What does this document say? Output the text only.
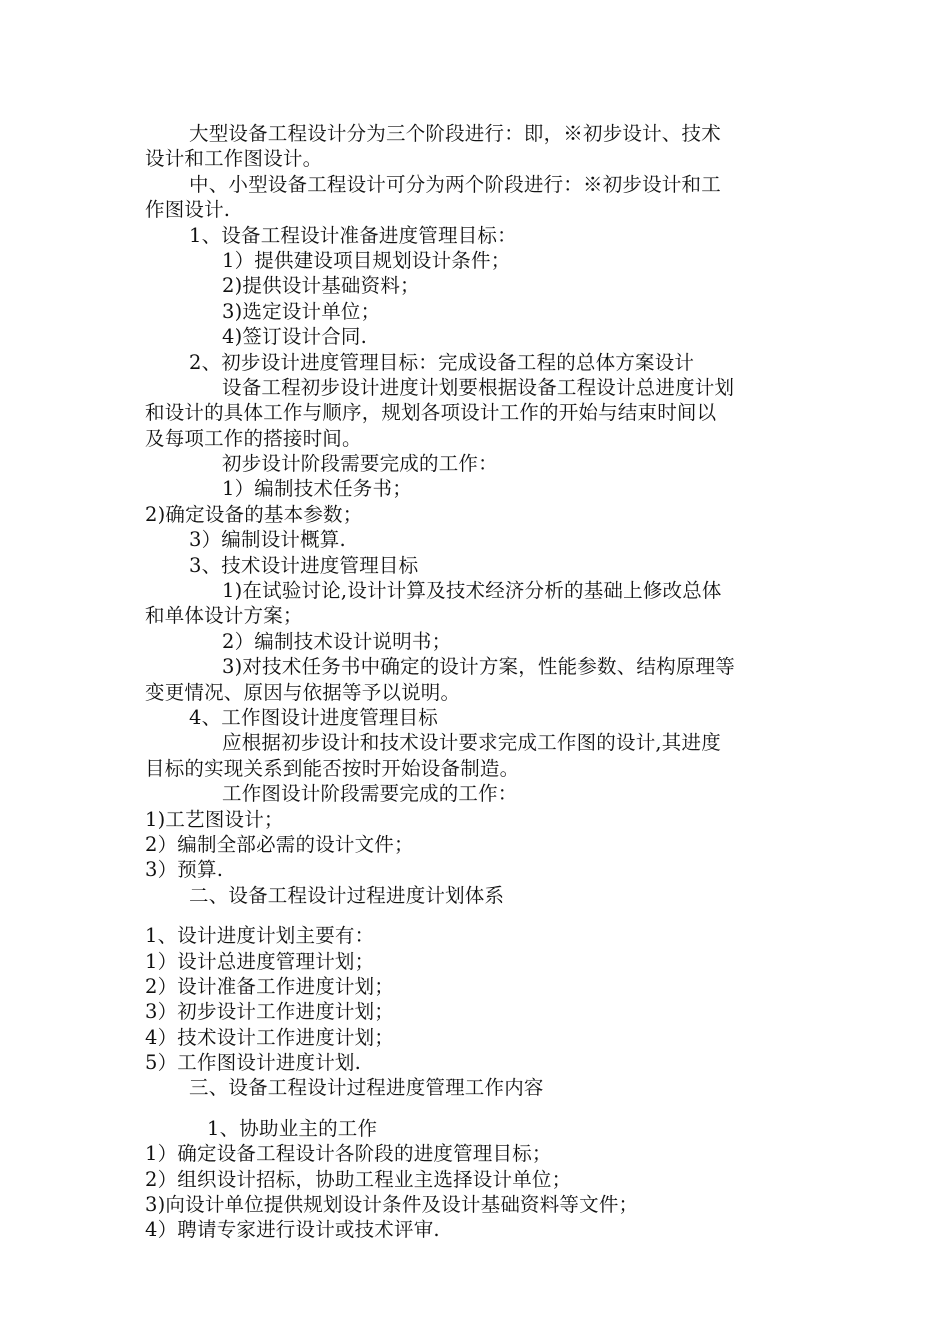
大型设备工程设计分为三个阶段进行：即，※初步设计、技术
设计和工作图设计。
中、小型设备工程设计可分为两个阶段进行：※初步设计和工
作图设计.
1、设备工程设计准备进度管理目标：
1）提供建设项目规划设计条件；
2)提供设计基础资料；
3)选定设计单位；
4)签订设计合同.
2、初步设计进度管理目标：完成设备工程的总体方案设计
设备工程初步设计进度计划要根据设备工程设计总进度计划
和设计的具体工作与顺序，规划各项设计工作的开始与结束时间以
及每项工作的搭接时间。
初步设计阶段需要完成的工作：
1）编制技术任务书；
2)确定设备的基本参数；
3）编制设计概算.
3、技术设计进度管理目标
1)在试验讨论,设计计算及技术经济分析的基础上修改总体
和单体设计方案；
2）编制技术设计说明书；
3)对技术任务书中确定的设计方案，性能参数、结构原理等
变更情况、原因与依据等予以说明。
4、工作图设计进度管理目标
应根据初步设计和技术设计要求完成工作图的设计,其进度
目标的实现关系到能否按时开始设备制造。
工作图设计阶段需要完成的工作：
1)工艺图设计；
2）编制全部必需的设计文件；
3）预算.
二、设备工程设计过程进度计划体系
1、设计进度计划主要有：
1）设计总进度管理计划；
2）设计准备工作进度计划；
3）初步设计工作进度计划；
4）技术设计工作进度计划；
5）工作图设计进度计划.
三、设备工程设计过程进度管理工作内容
1、协助业主的工作
1）确定设备工程设计各阶段的进度管理目标；
2）组织设计招标，协助工程业主选择设计单位；
3)向设计单位提供规划设计条件及设计基础资料等文件；
4）聘请专家进行设计或技术评审.
